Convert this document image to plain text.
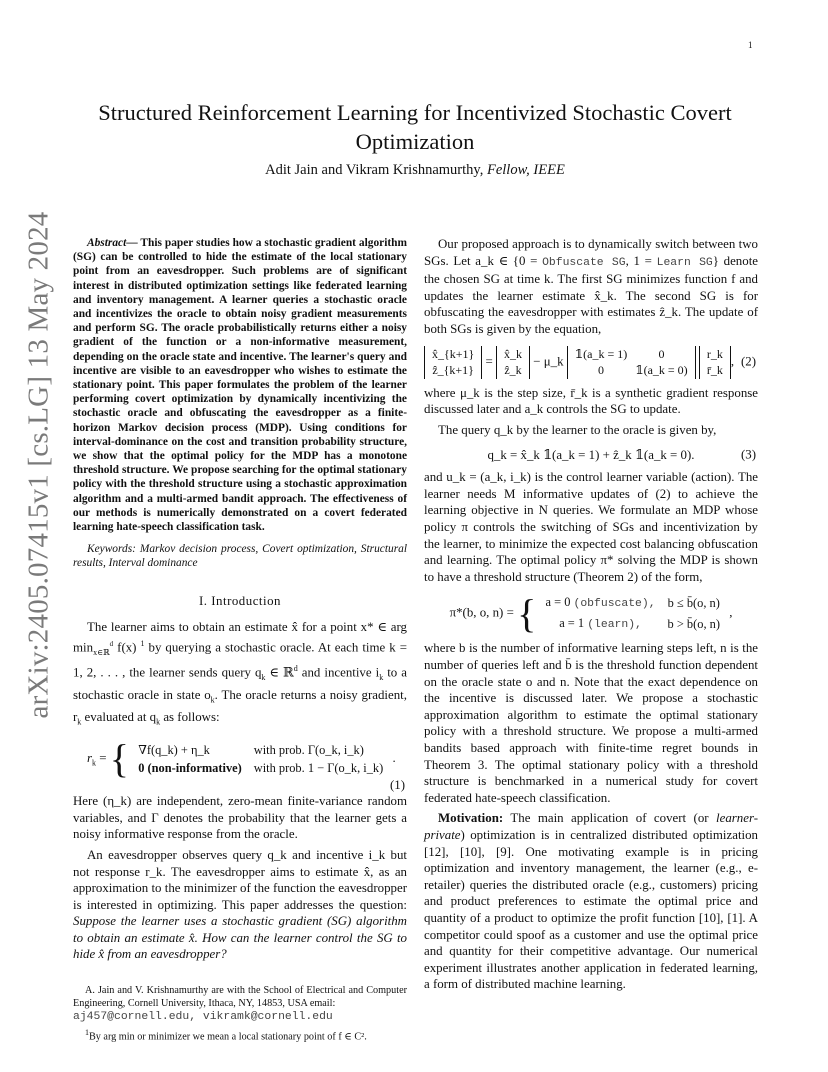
1
arXiv:2405.07415v1 [cs.LG] 13 May 2024
Structured Reinforcement Learning for Incentivized Stochastic Covert Optimization
Adit Jain and Vikram Krishnamurthy, Fellow, IEEE

Abstract— This paper studies how a stochastic gradient algorithm (SG) can be controlled to hide the estimate of the local stationary point from an eavesdropper. Such problems are of significant interest in distributed optimization settings like federated learning and inventory management. A learner queries a stochastic oracle and incentivizes the oracle to obtain noisy gradient measurements and perform SG. The oracle probabilistically returns either a noisy gradient of the function or a non-informative measurement, depending on the oracle state and incentive. The learner's query and incentive are visible to an eavesdropper who wishes to estimate the stationary point. This paper formulates the problem of the learner performing covert optimization by dynamically incentivizing the stochastic oracle and obfuscating the eavesdropper as a finite-horizon Markov decision process (MDP). Using conditions for interval-dominance on the cost and transition probability structure, we show that the optimal policy for the MDP has a monotone threshold structure. We propose searching for the optimal stationary policy with the threshold structure using a stochastic approximation algorithm and a multi-armed bandit approach. The effectiveness of our methods is numerically demonstrated on a covert federated learning hate-speech classification task.

Keywords: Markov decision process, Covert optimization, Structural results, Interval dominance

I. Introduction

The learner aims to obtain an estimate x̂ for a point x* ∈ arg $\min_{x\in ℝ}^d f(x)$ $^1$ by querying a stochastic oracle. At each time k = 1, 2, . . . , the learner sends query $q_k$ ∈ ℝ$^d$ and incentive $i_k$ to a stochastic oracle in state $o_k$. The oracle returns a noisy gradient, $r_k$ evaluated at $q_k$ as follows:

$r_k$ = { ∇f(q_k) + η_k	with prob. Γ(o_k, i_k)
0 (non-informative)	with prob. 1 − Γ(o_k, i_k) .
(1)

Here (η_k) are independent, zero-mean finite-variance random variables, and Γ denotes the probability that the learner gets a noisy informative response from the oracle.

An eavesdropper observes query q_k and incentive i_k but not response r_k. The eavesdropper aims to estimate x̂, as an approximation to the minimizer of the function the eavesdropper is interested in optimizing. This paper addresses the question: Suppose the learner uses a stochastic gradient (SG) algorithm to obtain an estimate x̂. How can the learner control the SG to hide x̂ from an eavesdropper?

A. Jain and V. Krishnamurthy are with the School of Electrical and Computer Engineering, Cornell University, Ithaca, NY, 14853, USA email:
aj457@cornell.edu, vikramk@cornell.edu

$^1$By arg min or minimizer we mean a local stationary point of f ∈ C².

Our proposed approach is to dynamically switch between two SGs. Let a_k ∈ {0 = Obfuscate SG, 1 = Learn SG} denote the chosen SG at time k. The first SG minimizes function f and updates the learner estimate x̂_k. The second SG is for obfuscating the eavesdropper with estimates ẑ_k. The update of both SGs is given by the equation,

x̂_{k+1}
ẑ_{k+1}
=
x̂_k
ẑ_k
− μ_k
𝟙(a_k = 1)	0
0	𝟙(a_k = 0)

r_k
r̄_k
, (2)

where μ_k is the step size, r̄_k is a synthetic gradient response discussed later and a_k controls the SG to update.

The query q_k by the learner to the oracle is given by,

q_k = x̂_k 𝟙(a_k = 1) + ẑ_k 𝟙(a_k = 0).	(3)

and u_k = (a_k, i_k) is the control learner variable (action). The learner needs M informative updates of (2) to achieve the learning objective in N queries. We formulate an MDP whose policy π controls the switching of SGs and incentivization by the learner, to minimize the expected cost balancing obfuscation and learning. The optimal policy π* solving the MDP is shown to have a threshold structure (Theorem 2) of the form,

π*(b, o, n) = { a = 0 (obfuscate),	b ≤ b̄(o, n)
a = 1 (learn),	b > b̄(o, n) ,

where b is the number of informative learning steps left, n is the number of queries left and b̄ is the threshold function dependent on the oracle state o and n. Note that the exact dependence on the incentive is discussed later. We propose a stochastic approximation algorithm to estimate the optimal stationary policy with a threshold structure. We propose a multi-armed bandits based approach with finite-time regret bounds in Theorem 3. The optimal stationary policy with a threshold structure is benchmarked in a numerical study for covert federated hate-speech classification.

Motivation: The main application of covert (or learner-private) optimization is in centralized distributed optimization [12], [10], [9]. One motivating example is in pricing optimization and inventory management, the learner (e.g., e-retailer) queries the distributed oracle (e.g., customers) pricing and product preferences to estimate the optimal price and quantity of a product to optimize the profit function [10], [1]. A competitor could spoof as a customer and use the optimal price and quantity for their competitive advantage. Our numerical experiment illustrates another application in federated learning, a form of distributed machine learning.
